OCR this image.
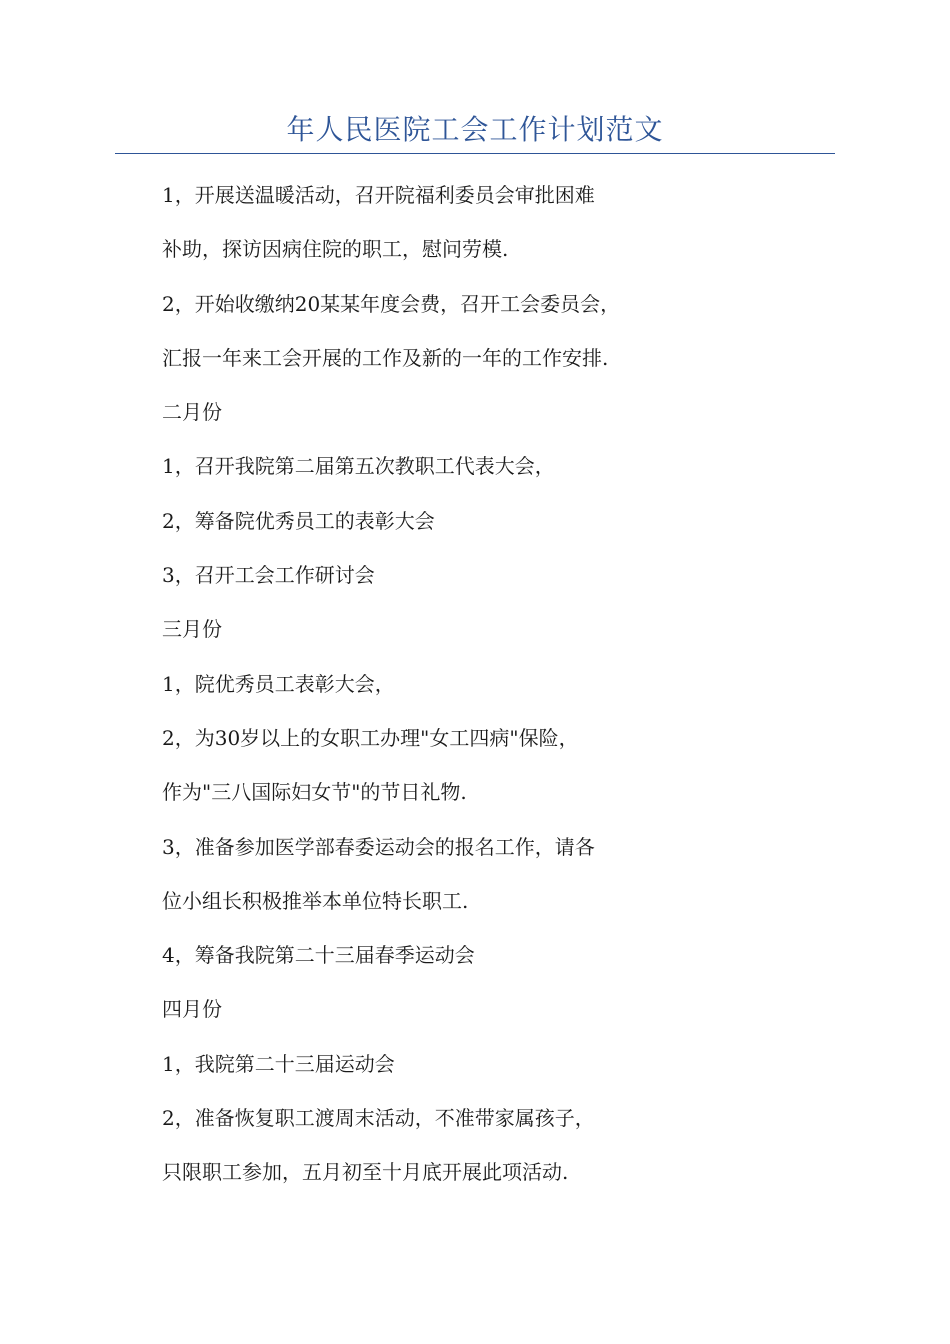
年人民医院工会工作计划范文
1，开展送温暖活动，召开院福利委员会审批困难
补助，探访因病住院的职工，慰问劳模.
2，开始收缴纳20某某年度会费，召开工会委员会，
汇报一年来工会开展的工作及新的一年的工作安排.
二月份
1，召开我院第二届第五次教职工代表大会，
2，筹备院优秀员工的表彰大会
3，召开工会工作研讨会
三月份
1，院优秀员工表彰大会，
2，为30岁以上的女职工办理"女工四病"保险，
作为"三八国际妇女节"的节日礼物.
3，准备参加医学部春委运动会的报名工作，请各
位小组长积极推举本单位特长职工.
4，筹备我院第二十三届春季运动会
四月份
1，我院第二十三届运动会
2，准备恢复职工渡周末活动，不准带家属孩子，
只限职工参加，五月初至十月底开展此项活动.
